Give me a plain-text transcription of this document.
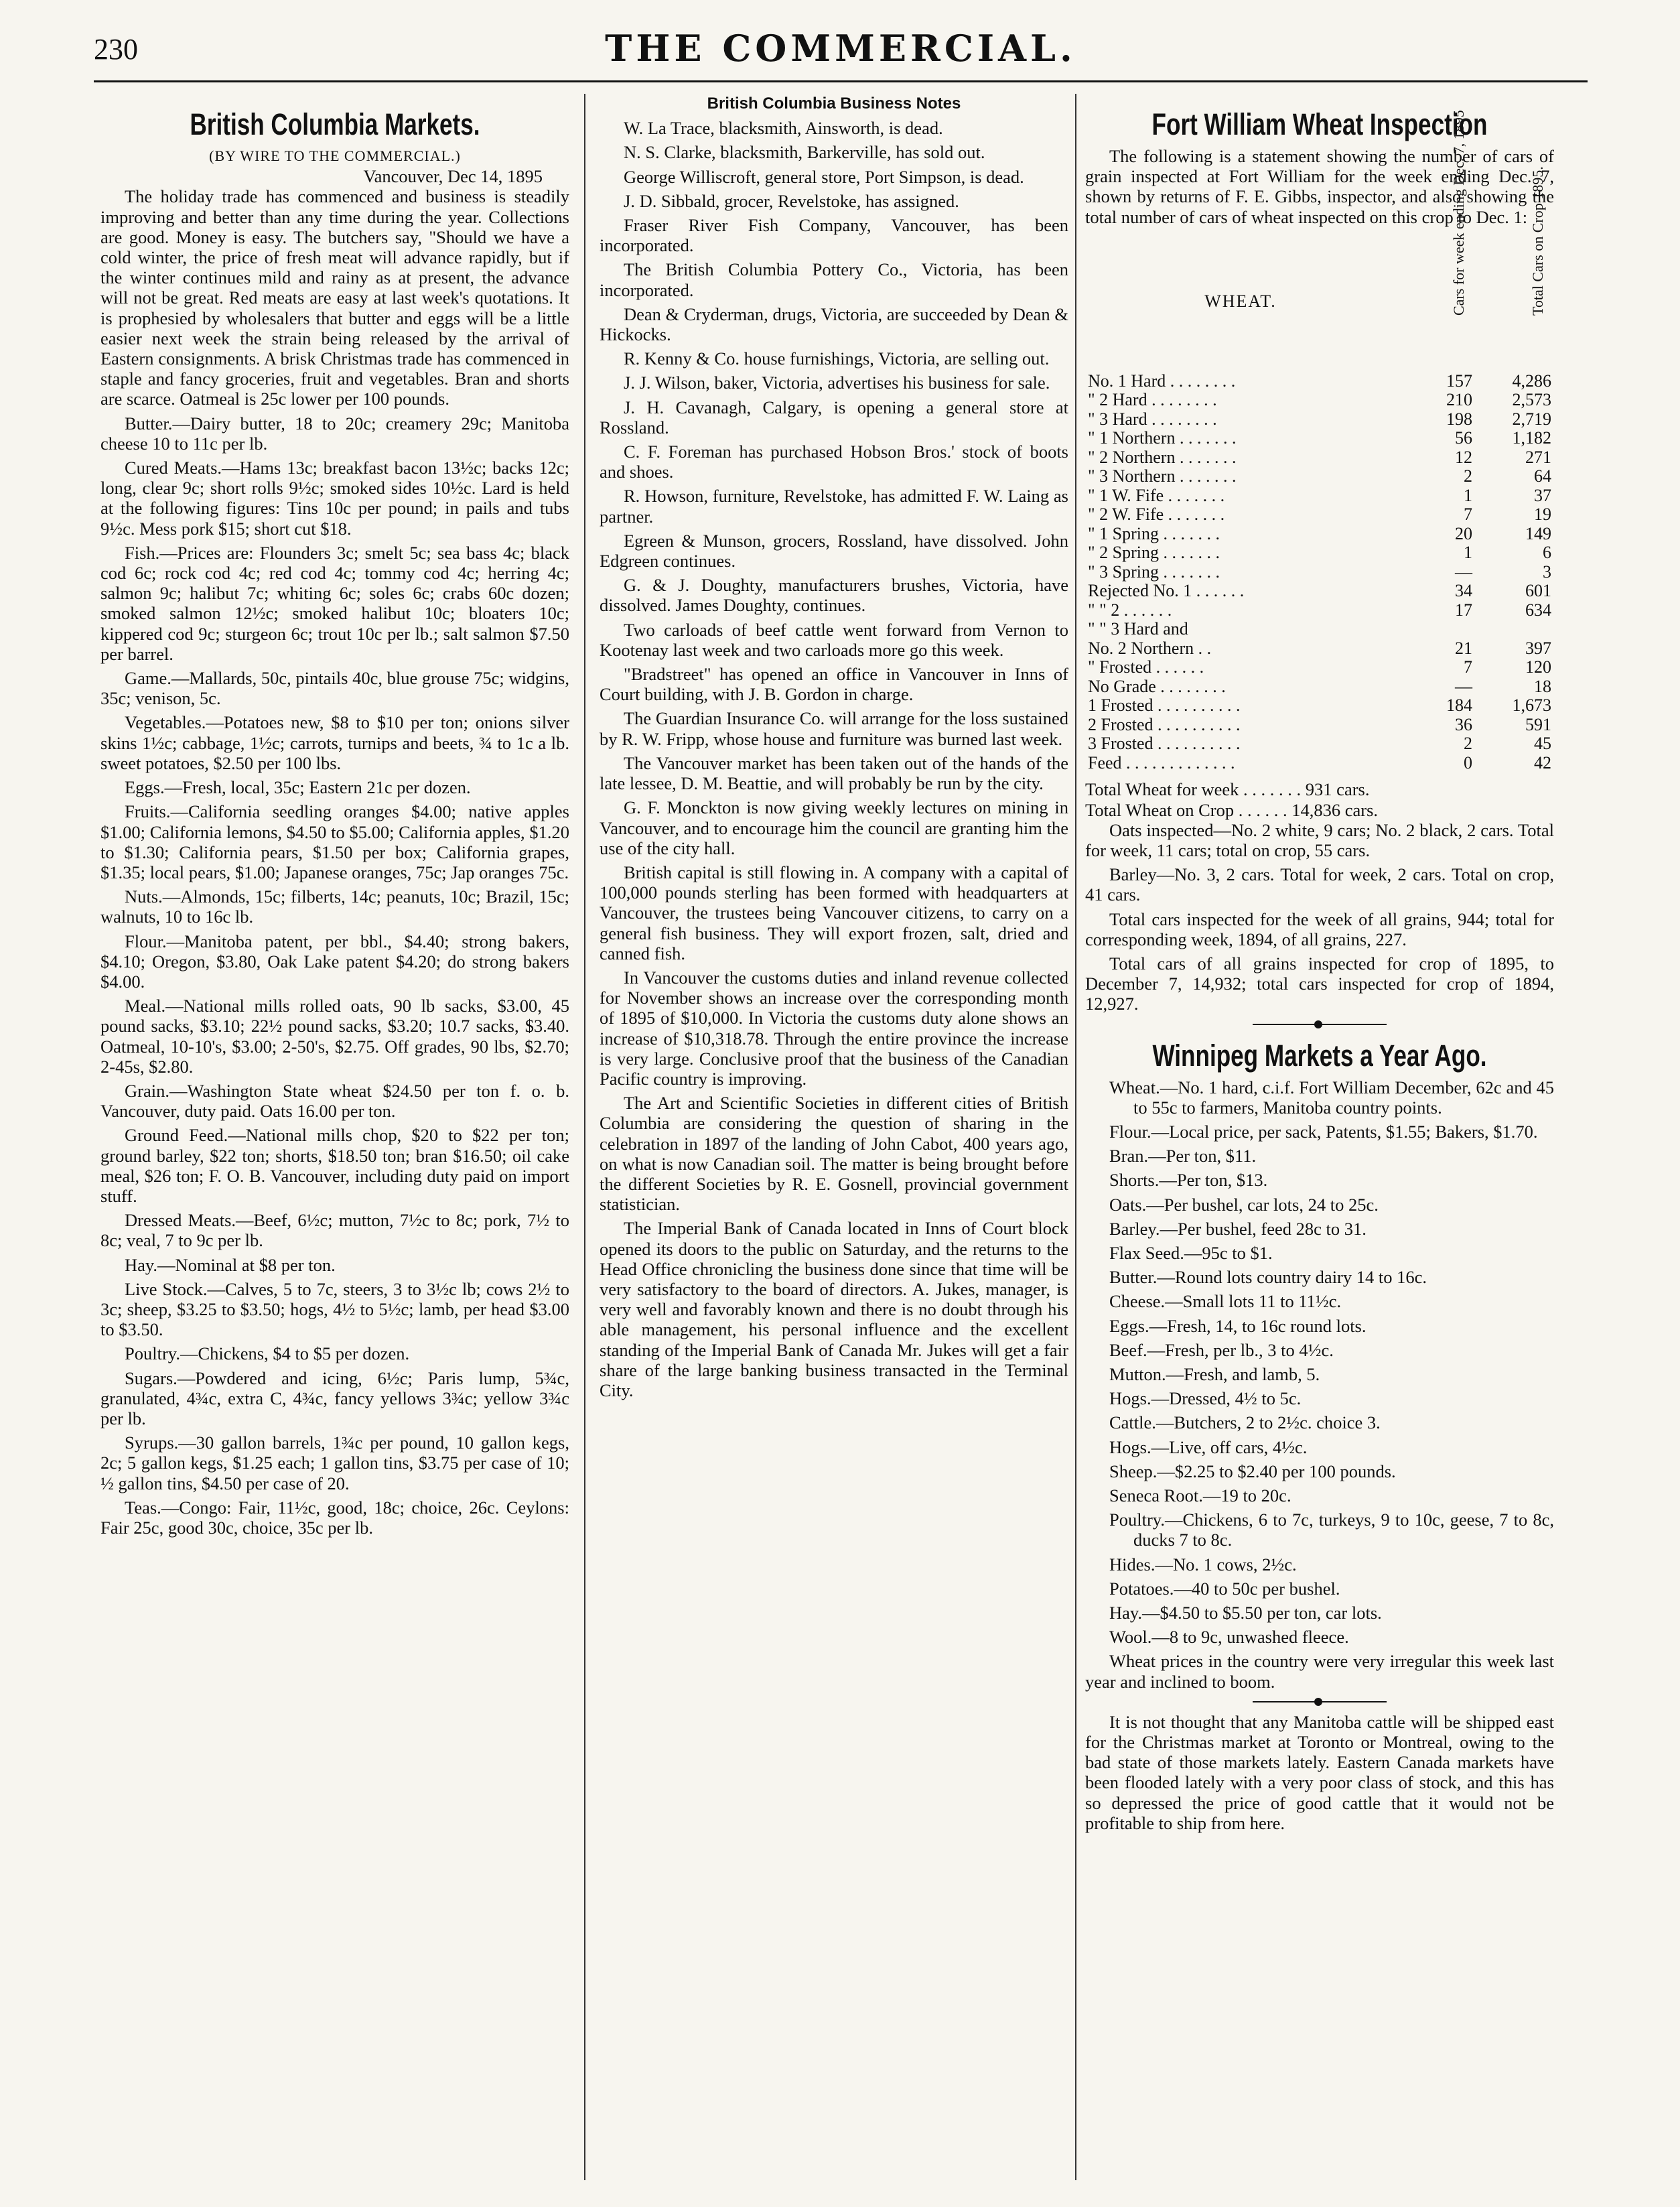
230	THE COMMERCIAL.
British Columbia Markets.
(BY WIRE TO THE COMMERCIAL.)
Vancouver, Dec 14, 1895

The holiday trade has commenced and business is steadily improving and better than any time during the year. Collections are good. Money is easy. The butchers say, "Should we have a cold winter, the price of fresh meat will advance rapidly, but if the winter continues mild and rainy as at present, the advance will not be great. Red meats are easy at last week's quotations. It is prophesied by wholesalers that butter and eggs will be a little easier next week the strain being released by the arrival of Eastern consignments. A brisk Christmas trade has commenced in staple and fancy groceries, fruit and vegetables. Bran and shorts are scarce. Oatmeal is 25c lower per 100 pounds.

Butter.—Dairy butter, 18 to 20c; creamery 29c; Manitoba cheese 10 to 11c per lb.

Cured Meats.—Hams 13c; breakfast bacon 13½c; backs 12c; long, clear 9c; short rolls 9½c; smoked sides 10½c. Lard is held at the following figures: Tins 10c per pound; in pails and tubs 9½c. Mess pork $15; short cut $18.

Fish.—Prices are: Flounders 3c; smelt 5c; sea bass 4c; black cod 6c; rock cod 4c; red cod 4c; tommy cod 4c; herring 4c; salmon 9c; halibut 7c; whiting 6c; soles 6c; crabs 60c dozen; smoked salmon 12½c; smoked halibut 10c; bloaters 10c; kippered cod 9c; sturgeon 6c; trout 10c per lb.; salt salmon $7.50 per barrel.

Game.—Mallards, 50c, pintails 40c, blue grouse 75c; widgins, 35c; venison, 5c.

Vegetables.—Potatoes new, $8 to $10 per ton; onions silver skins 1½c; cabbage, 1½c; carrots, turnips and beets, ¾ to 1c a lb. sweet potatoes, $2.50 per 100 lbs.

Eggs.—Fresh, local, 35c; Eastern 21c per dozen.

Fruits.—California seedling oranges $4.00; native apples $1.00; California lemons, $4.50 to $5.00; California apples, $1.20 to $1.30; California pears, $1.50 per box; California grapes, $1.35; local pears, $1.00; Japanese oranges, 75c; Jap oranges 75c.

Nuts.—Almonds, 15c; filberts, 14c; peanuts, 10c; Brazil, 15c; walnuts, 10 to 16c lb.

Flour.—Manitoba patent, per bbl., $4.40; strong bakers, $4.10; Oregon, $3.80, Oak Lake patent $4.20; do strong bakers $4.00.

Meal.—National mills rolled oats, 90 lb sacks, $3.00, 45 pound sacks, $3.10; 22½ pound sacks, $3.20; 10.7 sacks, $3.40. Oatmeal, 10-10's, $3.00; 2-50's, $2.75. Off grades, 90 lbs, $2.70; 2-45s, $2.80.

Grain.—Washington State wheat $24.50 per ton f. o. b. Vancouver, duty paid. Oats 16.00 per ton.

Ground Feed.—National mills chop, $20 to $22 per ton; ground barley, $22 ton; shorts, $18.50 ton; bran $16.50; oil cake meal, $26 ton; F. O. B. Vancouver, including duty paid on import stuff.

Dressed Meats.—Beef, 6½c; mutton, 7½c to 8c; pork, 7½ to 8c; veal, 7 to 9c per lb.

Hay.—Nominal at $8 per ton.

Live Stock.—Calves, 5 to 7c, steers, 3 to 3½c lb; cows 2½ to 3c; sheep, $3.25 to $3.50; hogs, 4½ to 5½c; lamb, per head $3.00 to $3.50.

Poultry.—Chickens, $4 to $5 per dozen.

Sugars.—Powdered and icing, 6½c; Paris lump, 5¾c, granulated, 4¾c, extra C, 4¾c, fancy yellows 3¾c; yellow 3¾c per lb.

Syrups.—30 gallon barrels, 1¾c per pound, 10 gallon kegs, 2c; 5 gallon kegs, $1.25 each; 1 gallon tins, $3.75 per case of 10; ½ gallon tins, $4.50 per case of 20.

Teas.—Congo: Fair, 11½c, good, 18c; choice, 26c. Ceylons: Fair 25c, good 30c, choice, 35c per lb.

British Columbia Business Notes

W. La Trace, blacksmith, Ainsworth, is dead.

N. S. Clarke, blacksmith, Barkerville, has sold out.

George Williscroft, general store, Port Simpson, is dead.

J. D. Sibbald, grocer, Revelstoke, has assigned.

Fraser River Fish Company, Vancouver, has been incorporated.

The British Columbia Pottery Co., Victoria, has been incorporated.

Dean & Cryderman, drugs, Victoria, are succeeded by Dean & Hickocks.

R. Kenny & Co. house furnishings, Victoria, are selling out.

J. J. Wilson, baker, Victoria, advertises his business for sale.

J. H. Cavanagh, Calgary, is opening a general store at Rossland.

C. F. Foreman has purchased Hobson Bros.' stock of boots and shoes.

R. Howson, furniture, Revelstoke, has admitted F. W. Laing as partner.

Egreen & Munson, grocers, Rossland, have dissolved. John Edgreen continues.

G. & J. Doughty, manufacturers brushes, Victoria, have dissolved. James Doughty, continues.

Two carloads of beef cattle went forward from Vernon to Kootenay last week and two carloads more go this week.

"Bradstreet" has opened an office in Vancouver in Inns of Court building, with J. B. Gordon in charge.

The Guardian Insurance Co. will arrange for the loss sustained by R. W. Fripp, whose house and furniture was burned last week.

The Vancouver market has been taken out of the hands of the late lessee, D. M. Beattie, and will probably be run by the city.

G. F. Monckton is now giving weekly lectures on mining in Vancouver, and to encourage him the council are granting him the use of the city hall.

British capital is still flowing in. A company with a capital of 100,000 pounds sterling has been formed with headquarters at Vancouver, the trustees being Vancouver citizens, to carry on a general fish business. They will export frozen, salt, dried and canned fish.

In Vancouver the customs duties and inland revenue collected for November shows an increase over the corresponding month of 1895 of $10,000. In Victoria the customs duty alone shows an increase of $10,318.78. Through the entire province the increase is very large. Conclusive proof that the business of the Canadian Pacific country is improving.

The Art and Scientific Societies in different cities of British Columbia are considering the question of sharing in the celebration in 1897 of the landing of John Cabot, 400 years ago, on what is now Canadian soil. The matter is being brought before the different Societies by R. E. Gosnell, provincial government statistician.

The Imperial Bank of Canada located in Inns of Court block opened its doors to the public on Saturday, and the returns to the Head Office chronicling the business done since that time will be very satisfactory to the board of directors. A. Jukes, manager, is very well and favorably known and there is no doubt through his able management, his personal influence and the excellent standing of the Imperial Bank of Canada Mr. Jukes will get a fair share of the large banking business transacted in the Terminal City.

Fort William Wheat Inspection

The following is a statement showing the number of cars of grain inspected at Fort William for the week ending Dec. 7, shown by returns of F. E. Gibbs, inspector, and also showing the total number of cars of wheat inspected on this crop to Dec. 1:

WHEAT.	Cars for week ending Dec. 7, 1895	Total Cars on Crop 1895.
No. 1 Hard . . . . . . . .	157	4,286
" 2 Hard . . . . . . . .	210	2,573
" 3 Hard . . . . . . . .	198	2,719
" 1 Northern . . . . . . .	56	1,182
" 2 Northern . . . . . . .	12	271
" 3 Northern . . . . . . .	2	64
" 1 W. Fife . . . . . . .	1	37
" 2 W. Fife . . . . . . .	7	19
" 1 Spring . . . . . . .	20	149
" 2 Spring . . . . . . .	1	6
" 3 Spring . . . . . . .	—	3
Rejected No. 1 . . . . . .	34	601
" " 2 . . . . . .	17	634
" " 3 Hard and		
No. 2 Northern . .	21	397
" Frosted . . . . . .	7	120
No Grade . . . . . . . .	—	18
1 Frosted . . . . . . . . . .	184	1,673
2 Frosted . . . . . . . . . .	36	591
3 Frosted . . . . . . . . . .	2	45
Feed . . . . . . . . . . . . .	0	42
Total Wheat for week . . . . . . . 931 cars.
Total Wheat on Crop . . . . . . 14,836 cars.

Oats inspected—No. 2 white, 9 cars; No. 2 black, 2 cars. Total for week, 11 cars; total on crop, 55 cars.

Barley—No. 3, 2 cars. Total for week, 2 cars. Total on crop, 41 cars.

Total cars inspected for the week of all grains, 944; total for corresponding week, 1894, of all grains, 227.

Total cars of all grains inspected for crop of 1895, to December 7, 14,932; total cars inspected for crop of 1894, 12,927.

Winnipeg Markets a Year Ago.

Wheat.—No. 1 hard, c.i.f. Fort William December, 62c and 45 to 55c to farmers, Manitoba country points.

Flour.—Local price, per sack, Patents, $1.55; Bakers, $1.70.

Bran.—Per ton, $11.

Shorts.—Per ton, $13.

Oats.—Per bushel, car lots, 24 to 25c.

Barley.—Per bushel, feed 28c to 31.

Flax Seed.—95c to $1.

Butter.—Round lots country dairy 14 to 16c.

Cheese.—Small lots 11 to 11½c.

Eggs.—Fresh, 14, to 16c round lots.

Beef.—Fresh, per lb., 3 to 4½c.

Mutton.—Fresh, and lamb, 5.

Hogs.—Dressed, 4½ to 5c.

Cattle.—Butchers, 2 to 2½c. choice 3.

Hogs.—Live, off cars, 4½c.

Sheep.—$2.25 to $2.40 per 100 pounds.

Seneca Root.—19 to 20c.

Poultry.—Chickens, 6 to 7c, turkeys, 9 to 10c, geese, 7 to 8c, ducks 7 to 8c.

Hides.—No. 1 cows, 2½c.

Potatoes.—40 to 50c per bushel.

Hay.—$4.50 to $5.50 per ton, car lots.

Wool.—8 to 9c, unwashed fleece.

Wheat prices in the country were very irregular this week last year and inclined to boom.

It is not thought that any Manitoba cattle will be shipped east for the Christmas market at Toronto or Montreal, owing to the bad state of those markets lately. Eastern Canada markets have been flooded lately with a very poor class of stock, and this has so depressed the price of good cattle that it would not be profitable to ship from here.
